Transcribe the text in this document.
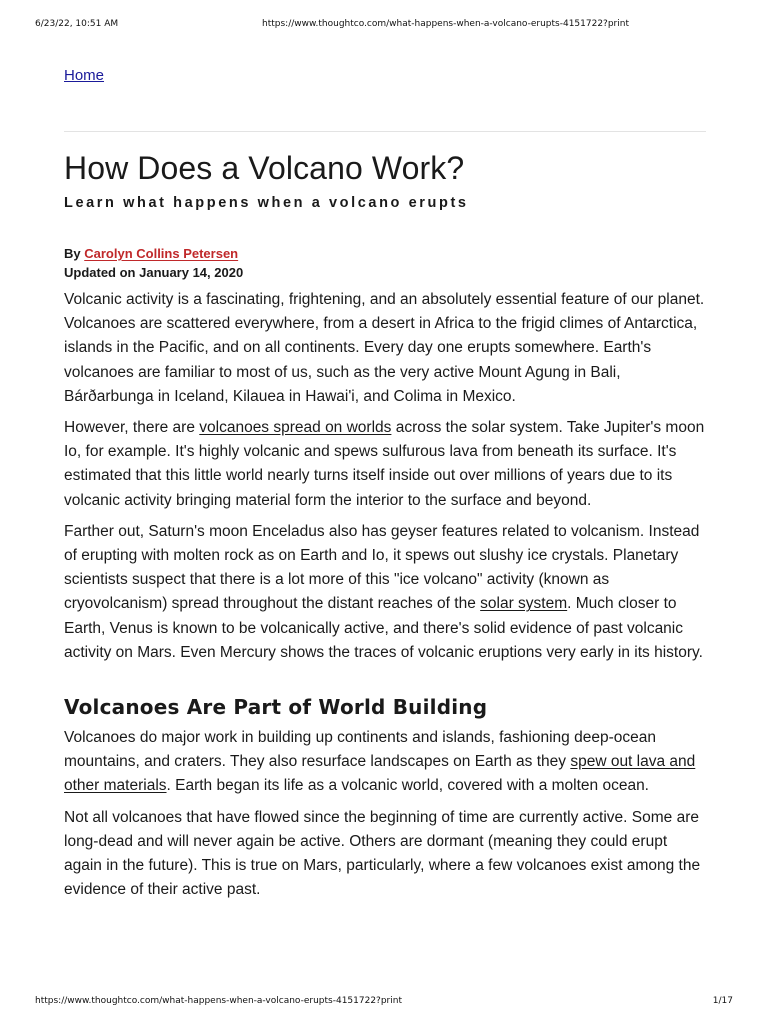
6/23/22, 10:51 AM	https://www.thoughtco.com/what-happens-when-a-volcano-erupts-4151722?print
Home
How Does a Volcano Work?
Learn what happens when a volcano erupts
By Carolyn Collins Petersen
Updated on January 14, 2020

Volcanic activity is a fascinating, frightening, and an absolutely essential feature of our planet. Volcanoes are scattered everywhere, from a desert in Africa to the frigid climes of Antarctica, islands in the Pacific, and on all continents. Every day one erupts somewhere. Earth's volcanoes are familiar to most of us, such as the very active Mount Agung in Bali, Bárðarbunga in Iceland, Kilauea in Hawai'i, and Colima in Mexico.

However, there are volcanoes spread on worlds across the solar system. Take Jupiter's moon Io, for example. It's highly volcanic and spews sulfurous lava from beneath its surface. It's estimated that this little world nearly turns itself inside out over millions of years due to its volcanic activity bringing material form the interior to the surface and beyond.

Farther out, Saturn's moon Enceladus also has geyser features related to volcanism. Instead of erupting with molten rock as on Earth and Io, it spews out slushy ice crystals. Planetary scientists suspect that there is a lot more of this "ice volcano" activity (known as cryovolcanism) spread throughout the distant reaches of the solar system. Much closer to Earth, Venus is known to be volcanically active, and there's solid evidence of past volcanic activity on Mars. Even Mercury shows the traces of volcanic eruptions very early in its history.

Volcanoes Are Part of World Building

Volcanoes do major work in building up continents and islands, fashioning deep-ocean mountains, and craters. They also resurface landscapes on Earth as they spew out lava and other materials. Earth began its life as a volcanic world, covered with a molten ocean.

Not all volcanoes that have flowed since the beginning of time are currently active. Some are long-dead and will never again be active. Others are dormant (meaning they could erupt again in the future). This is true on Mars, particularly, where a few volcanoes exist among the evidence of their active past.

https://www.thoughtco.com/what-happens-when-a-volcano-erupts-4151722?print	1/17
